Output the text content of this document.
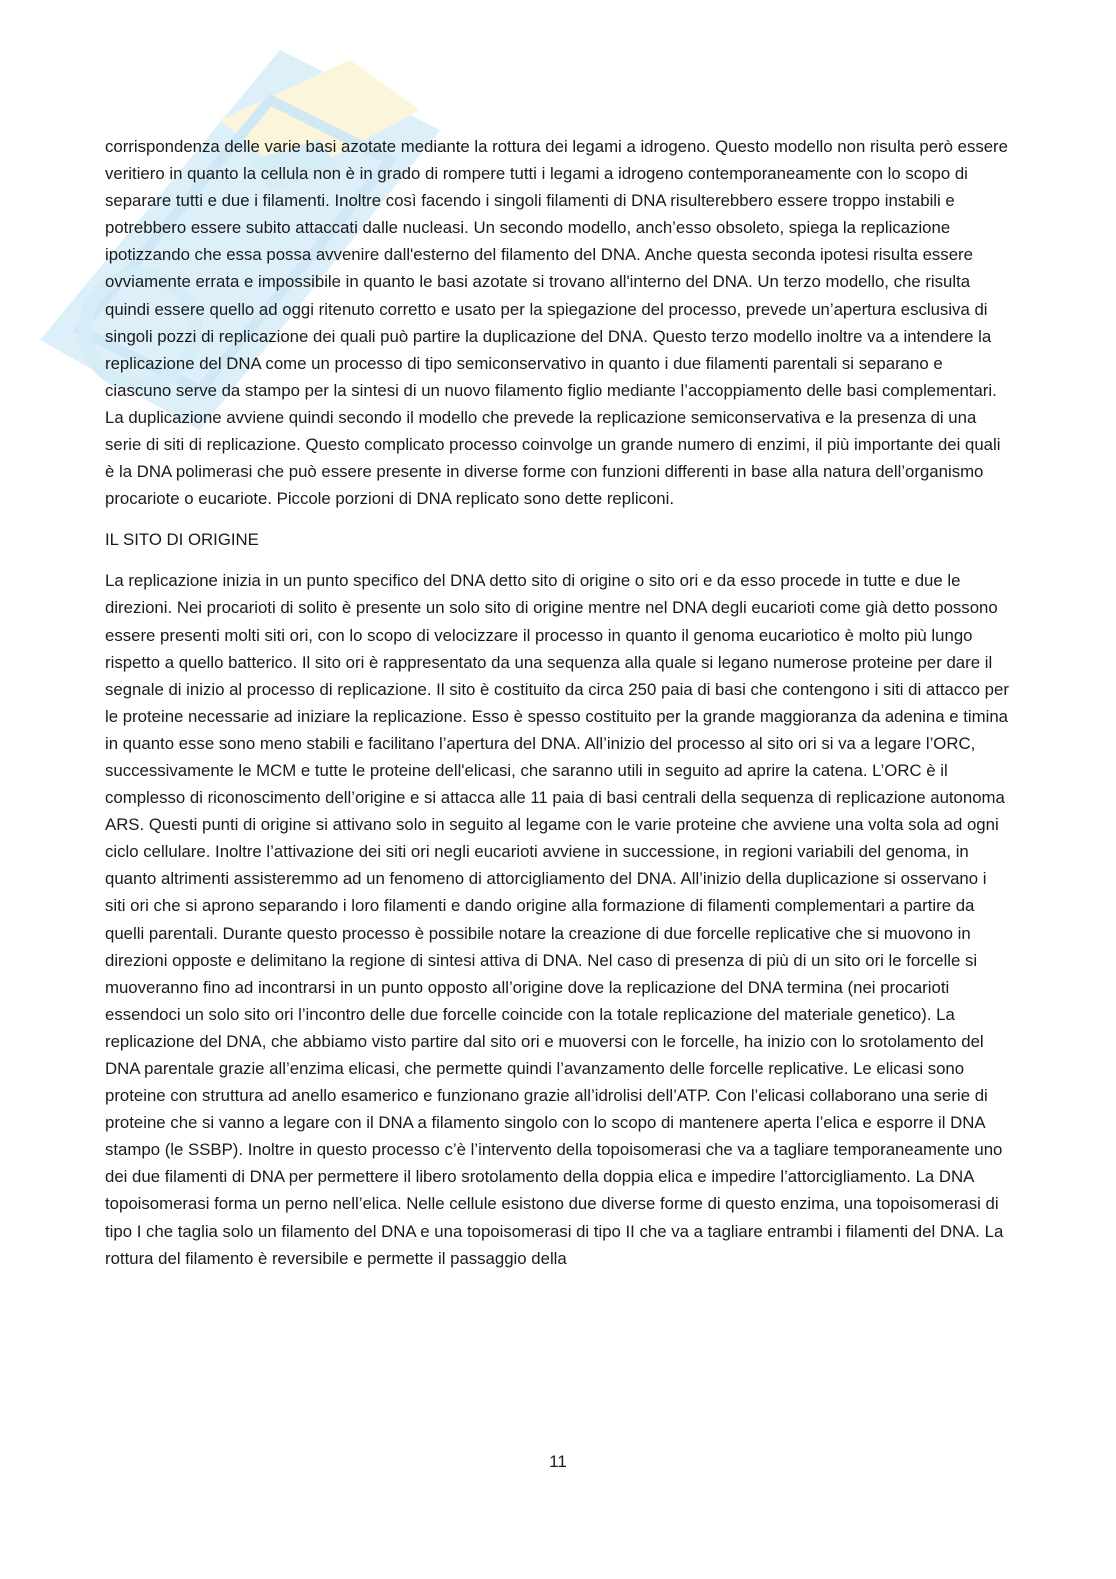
corrispondenza delle varie basi azotate mediante la rottura dei legami a idrogeno. Questo modello non risulta però essere veritiero in quanto la cellula non è in grado di rompere tutti i legami a idrogeno contemporaneamente con lo scopo di separare tutti e due i filamenti. Inoltre così facendo i singoli filamenti di DNA risulterebbero essere troppo instabili e potrebbero essere subito attaccati dalle nucleasi. Un secondo modello, anch’esso obsoleto, spiega la replicazione ipotizzando che essa possa avvenire dall'esterno del filamento del DNA. Anche questa seconda ipotesi risulta essere ovviamente errata e impossibile in quanto le basi azotate si trovano all'interno del DNA. Un terzo modello, che risulta quindi essere quello ad oggi ritenuto corretto e usato per la spiegazione del processo, prevede un’apertura esclusiva di singoli pozzi di replicazione dei quali può partire la duplicazione del DNA. Questo terzo modello inoltre va a intendere la replicazione del DNA come un processo di tipo semiconservativo in quanto i due filamenti parentali si separano e ciascuno serve da stampo per la sintesi di un nuovo filamento figlio mediante l’accoppiamento delle basi complementari. La duplicazione avviene quindi secondo il modello che prevede la replicazione semiconservativa e la presenza di una serie di siti di replicazione. Questo complicato processo coinvolge un grande numero di enzimi, il più importante dei quali è la DNA polimerasi che può essere presente in diverse forme con funzioni differenti in base alla natura dell’organismo procariote o eucariote. Piccole porzioni di DNA replicato sono dette repliconi.

IL SITO DI ORIGINE

La replicazione inizia in un punto specifico del DNA detto sito di origine o sito ori e da esso procede in tutte e due le direzioni. Nei procarioti di solito è presente un solo sito di origine mentre nel DNA degli eucarioti come già detto possono essere presenti molti siti ori, con lo scopo di velocizzare il processo in quanto il genoma eucariotico è molto più lungo rispetto a quello batterico. Il sito ori è rappresentato da una sequenza alla quale si legano numerose proteine per dare il segnale di inizio al processo di replicazione. Il sito è costituito da circa 250 paia di basi che contengono i siti di attacco per le proteine necessarie ad iniziare la replicazione. Esso è spesso costituito per la grande maggioranza da adenina e timina in quanto esse sono meno stabili e facilitano l’apertura del DNA. All’inizio del processo al sito ori si va a legare l’ORC, successivamente le MCM e tutte le proteine dell'elicasi, che saranno utili in seguito ad aprire la catena. L’ORC è il complesso di riconoscimento dell’origine e si attacca alle 11 paia di basi centrali della sequenza di replicazione autonoma ARS. Questi punti di origine si attivano solo in seguito al legame con le varie proteine che avviene una volta sola ad ogni ciclo cellulare. Inoltre l’attivazione dei siti ori negli eucarioti avviene in successione, in regioni variabili del genoma, in quanto altrimenti assisteremmo ad un fenomeno di attorcigliamento del DNA. All’inizio della duplicazione si osservano i siti ori che si aprono separando i loro filamenti e dando origine alla formazione di filamenti complementari a partire da quelli parentali. Durante questo processo è possibile notare la creazione di due forcelle replicative che si muovono in direzioni opposte e delimitano la regione di sintesi attiva di DNA. Nel caso di presenza di più di un sito ori le forcelle si muoveranno fino ad incontrarsi in un punto opposto all’origine dove la replicazione del DNA termina (nei procarioti essendoci un solo sito ori l’incontro delle due forcelle coincide con la totale replicazione del materiale genetico). La replicazione del DNA, che abbiamo visto partire dal sito ori e muoversi con le forcelle, ha inizio con lo srotolamento del DNA parentale grazie all’enzima elicasi, che permette quindi l’avanzamento delle forcelle replicative. Le elicasi sono proteine con struttura ad anello esamerico e funzionano grazie all’idrolisi dell’ATP. Con l’elicasi collaborano una serie di proteine che si vanno a legare con il DNA a filamento singolo con lo scopo di mantenere aperta l’elica e esporre il DNA stampo (le SSBP). Inoltre in questo processo c’è l’intervento della topoisomerasi che va a tagliare temporaneamente uno dei due filamenti di DNA per permettere il libero srotolamento della doppia elica e impedire l’attorcigliamento. La DNA topoisomerasi forma un perno nell’elica. Nelle cellule esistono due diverse forme di questo enzima, una topoisomerasi di tipo I che taglia solo un filamento del DNA e una topoisomerasi di tipo II che va a tagliare entrambi i filamenti del DNA. La rottura del filamento è reversibile e permette il passaggio della

11
